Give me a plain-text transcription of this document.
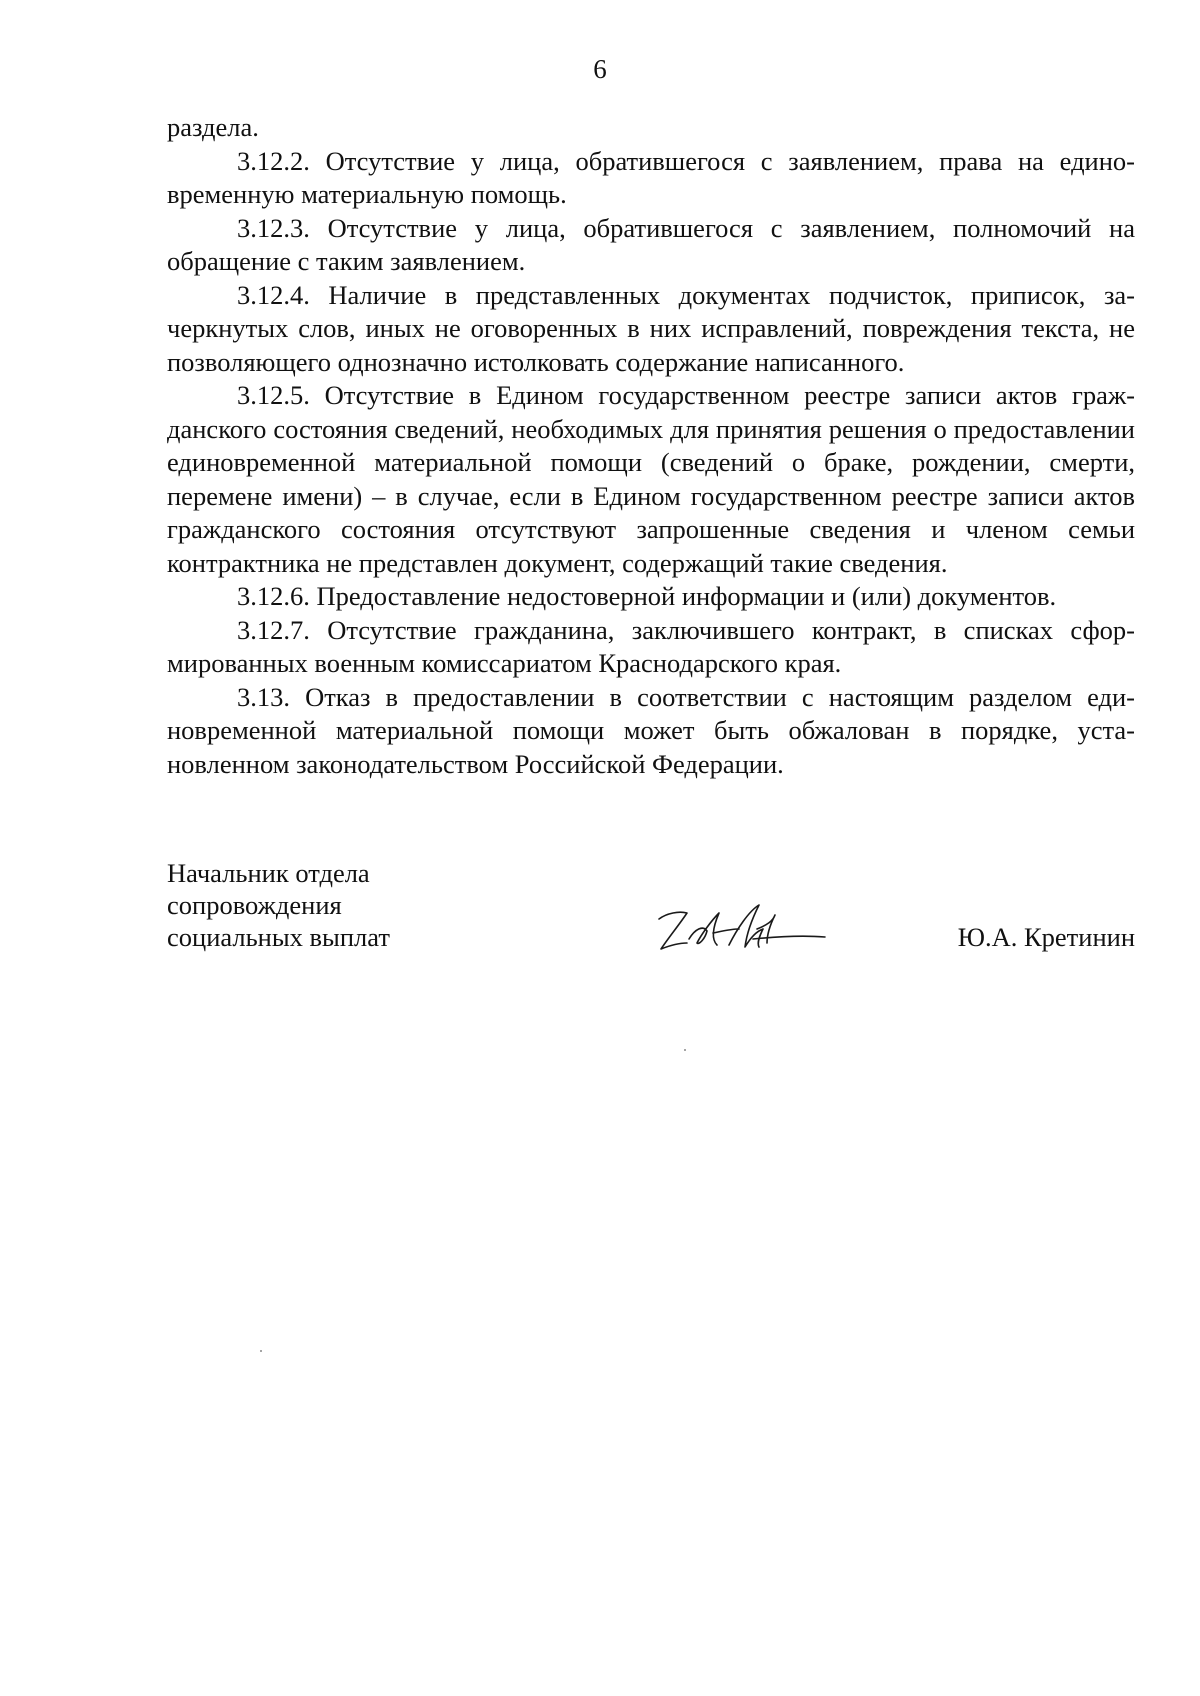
6

раздела.

3.12.2. Отсутствие у лица, обратившегося с заявлением, права на единовременную материальную помощь.

3.12.3. Отсутствие у лица, обратившегося с заявлением, полномочий на обращение с таким заявлением.

3.12.4. Наличие в представленных документах подчисток, приписок, зачеркнутых слов, иных не оговоренных в них исправлений, повреждения текста, не позволяющего однозначно истолковать содержание написанного.

3.12.5. Отсутствие в Едином государственном реестре записи актов гражданского состояния сведений, необходимых для принятия решения о предоставлении единовременной материальной помощи (сведений о браке, рождении, смерти, перемене имени) – в случае, если в Едином государственном реестре записи актов гражданского состояния отсутствуют запрошенные сведения и членом семьи контрактника не представлен документ, содержащий такие сведения.

3.12.6. Предоставление недостоверной информации и (или) документов.

3.12.7. Отсутствие гражданина, заключившего контракт, в списках сформированных военным комиссариатом Краснодарского края.

3.13. Отказ в предоставлении в соответствии с настоящим разделом единовременной материальной помощи может быть обжалован в порядке, установленном законодательством Российской Федерации.

Начальник отдела
сопровождения
социальных выплат	Ю.А. Кретинин
